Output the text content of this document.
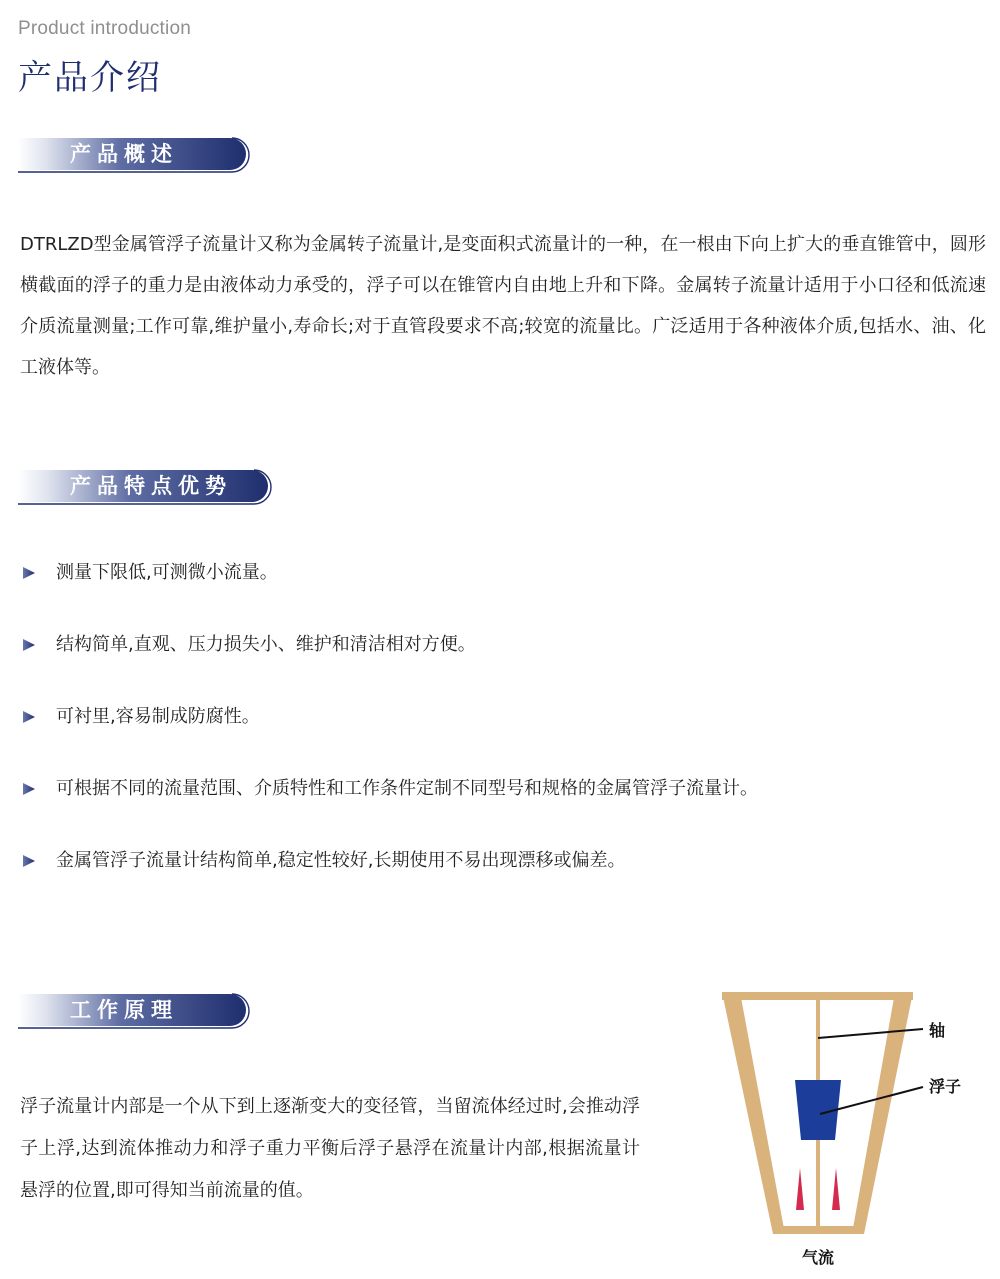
Product introduction
产品介绍
产品概述

DTRLZD型金属管浮子流量计又称为金属转子流量计,是变面积式流量计的一种，在一根由下向上扩大的垂直锥管中，圆形横截面的浮子的重力是由液体动力承受的，浮子可以在锥管内自由地上升和下降。金属转子流量计适用于小口径和低流速介质流量测量;工作可靠,维护量小,寿命长;对于直管段要求不高;较宽的流量比。广泛适用于各种液体介质,包括水、油、化工液体等。

产品特点优势
测量下限低,可测微小流量。
结构简单,直观、压力损失小、维护和清洁相对方便。
可衬里,容易制成防腐性。
可根据不同的流量范围、介质特性和工作条件定制不同型号和规格的金属管浮子流量计。
金属管浮子流量计结构简单,稳定性较好,长期使用不易出现漂移或偏差。
工作原理

浮子流量计内部是一个从下到上逐渐变大的变径管，当留流体经过时,会推动浮子上浮,达到流体推动力和浮子重力平衡后浮子悬浮在流量计内部,根据流量计悬浮的位置,即可得知当前流量的值。

轴
浮子
气流
